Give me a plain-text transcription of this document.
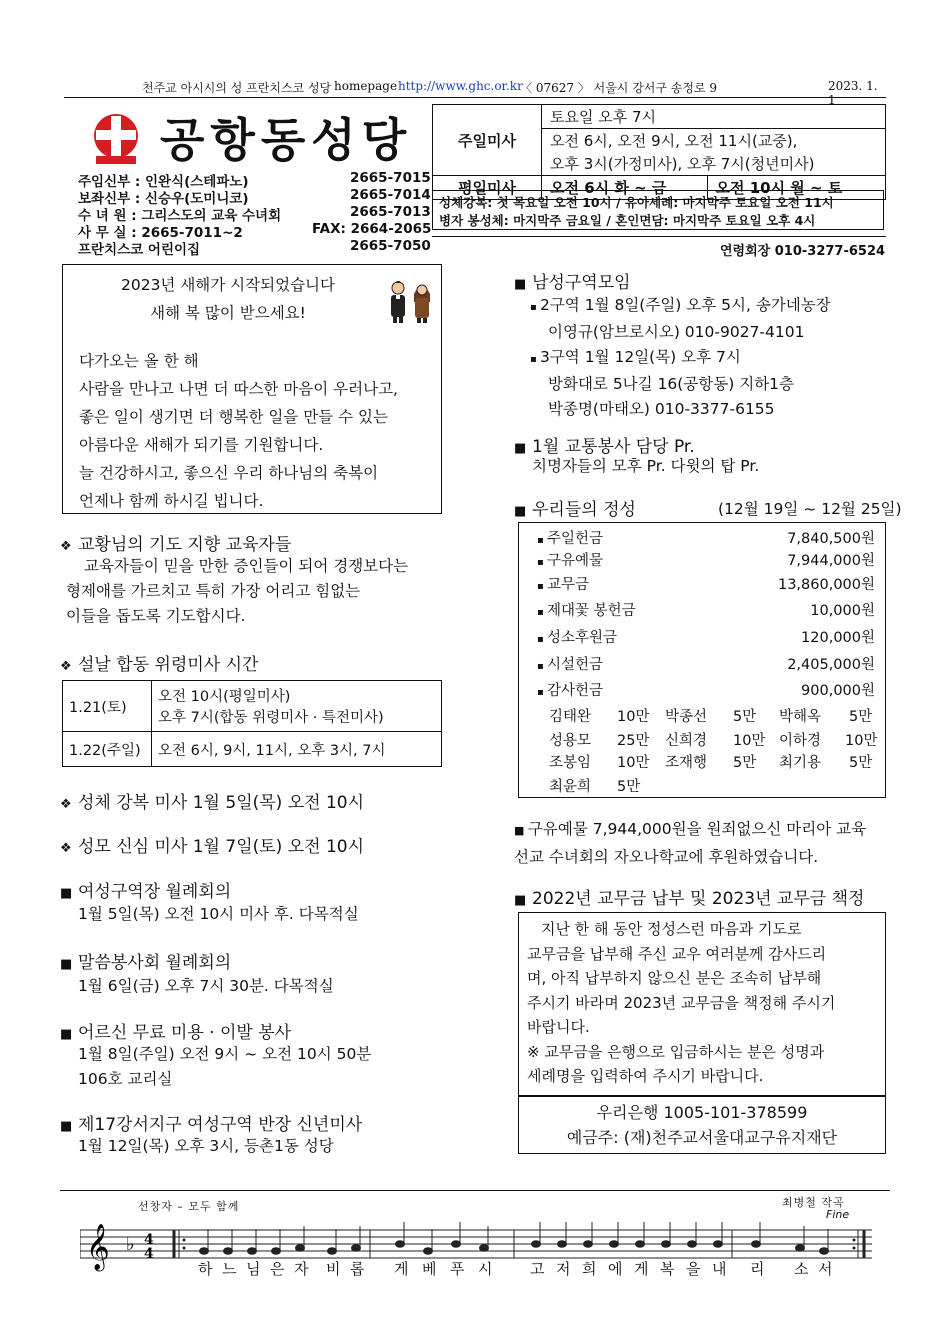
천주교 아시시의 성 프란치스코 성당 homepage http://www.ghc.or.kr
〈 07627 〉 서울시 강서구 송정로 9	2023. 1. 1
공항동성당
주임신부 : 인완식(스테파노)	2665-7015
보좌신부 : 신승우(도미니코)	2665-7014
수 녀 원 : 그리스도의 교육 수녀회	2665-7013
사 무 실 : 2665-7011~2	FAX: 2664-2065
프란치스코 어린이집	2665-7050
주일미사	토요일 오후 7시	
	오전 6시, 오전 9시, 오전 11시(교중),	
	오후 3시(가정미사), 오후 7시(청년미사)	
평일미사	오전 6시 화 ~ 금	오전 10시 월 ~ 토
성체강복: 첫 목요일 오전 10시 / 유아세례: 마지막주 토요일 오전 11시
병자 봉성체: 마지막주 금요일 / 혼인면담: 마지막주 토요일 오후 4시
연령회장 010-3277-6524
2023년 새해가 시작되었습니다
새해 복 많이 받으세요!
다가오는 올 한 해
사람을 만나고 나면 더 따스한 마음이 우러나고,
좋은 일이 생기면 더 행복한 일을 만들 수 있는
아름다운 새해가 되기를 기원합니다.
늘 건강하시고, 좋으신 우리 하나님의 축복이
언제나 함께 하시길 빕니다.
❖ 교황님의 기도 지향 교육자들
교육자들이 믿을 만한 증인들이 되어 경쟁보다는
형제애를 가르치고 특히 가장 어리고 힘없는
이들을 돕도록 기도합시다.
❖ 설날 합동 위령미사 시간
1.21(토)	오전 10시(평일미사)
오후 7시(합동 위령미사 · 특전미사)

1.22(주일)	오전 6시, 9시, 11시, 오후 3시, 7시
❖ 성체 강복 미사 1월 5일(목) 오전 10시
❖ 성모 신심 미사 1월 7일(토) 오전 10시
■ 여성구역장 월례회의
1월 5일(목) 오전 10시 미사 후. 다목적실
■ 말씀봉사회 월례회의
1월 6일(금) 오후 7시 30분. 다목적실
■ 어르신 무료 미용 · 이발 봉사
1월 8일(주일) 오전 9시 ~ 오전 10시 50분
106호 교리실
■ 제17강서지구 여성구역 반장 신년미사
1월 12일(목) 오후 3시, 등촌1동 성당
■ 남성구역모임
▪ 2구역 1월 8일(주일) 오후 5시, 송가네농장
이영규(암브로시오) 010-9027-4101
▪ 3구역 1월 12일(목) 오후 7시
방화대로 5나길 16(공항동) 지하1층
박종명(마태오) 010-3377-6155
■ 1월 교통봉사 담당 Pr.
치명자들의 모후 Pr. 다윗의 탑 Pr.
■ 우리들의 정성	(12월 19일 ~ 12월 25일)
▪ 주일헌금	7,840,500원
▪ 구유예물	7,944,000원
▪ 교무금	13,860,000원
▪ 제대꽃 봉헌금	10,000원
▪ 성소후원금	120,000원
▪ 시설헌금	2,405,000원
▪ 감사헌금	900,000원
김태완 10만 박종선 5만 박해옥 5만
성용모 25만 신희경 10만 이하경 10만
조봉임 10만 조재행 5만 최기용 5만
최윤희 5만
■ 구유예물 7,944,000원을 원죄없으신 마리아 교육
선교 수녀회의 자오나학교에 후원하였습니다.
■ 2022년 교무금 납부 및 2023년 교무금 책정
지난 한 해 동안 정성스런 마음과 기도로
교무금을 납부해 주신 교우 여러분께 감사드리
며, 아직 납부하지 않으신 분은 조속히 납부해
주시기 바라며 2023년 교무금을 책정해 주시기
바랍니다.
※ 교무금을 은행으로 입금하시는 분은 성명과
세례명을 입력하여 주시기 바랍니다.
우리은행 1005-101-378599
예금주: (재)천주교서울대교구유지재단
선창자 – 모두 함께	최병철 작곡
Fine
𝄞 ♭ 4
4
하 느 님 은 자 비 롭 게 베 푸 시 고 저 희 에 게 복 을 내 리 소 서
